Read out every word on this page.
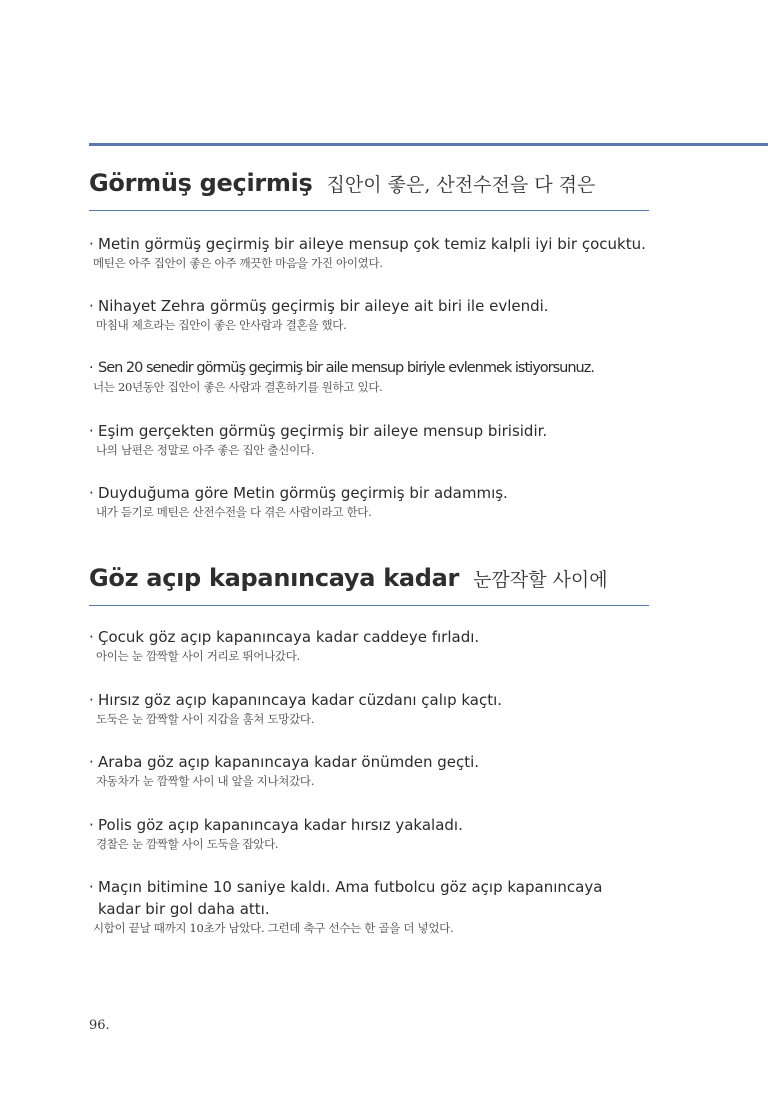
Görmüş geçirmiş 집안이 좋은, 산전수전을 다 겪은
· Metin görmüş geçirmiş bir aileye mensup çok temiz kalpli iyi bir çocuktu.
메틴은 아주 집안이 좋은 아주 깨끗한 마음을 가진 아이였다.
· Nihayet Zehra görmüş geçirmiş bir aileye ait biri ile evlendi.
마침내 제흐라는 집안이 좋은 안사람과 결혼을 했다.
· Sen 20 senedir görmüş geçirmiş bir aile mensup biriyle evlenmek istiyorsunuz.
너는 20년동안 집안이 좋은 사람과 결혼하기를 원하고 있다.
· Eşim gerçekten görmüş geçirmiş bir aileye mensup birisidir.
나의 남편은 정말로 아주 좋은 집안 출신이다.
· Duyduğuma göre Metin görmüş geçirmiş bir adammış.
내가 듣기로 메틴은 산전수전을 다 겪은 사람이라고 한다.
Göz açıp kapanıncaya kadar 눈깜작할 사이에
· Çocuk göz açıp kapanıncaya kadar caddeye fırladı.
아이는 눈 깜짝할 사이 거리로 뛰어나갔다.
· Hırsız göz açıp kapanıncaya kadar cüzdanı çalıp kaçtı.
도둑은 눈 깜짝할 사이 지갑을 훔쳐 도망갔다.
· Araba göz açıp kapanıncaya kadar önümden geçti.
자동차가 눈 깜짝할 사이 내 앞을 지나쳐갔다.
· Polis göz açıp kapanıncaya kadar hırsız yakaladı.
경찰은 눈 깜짝할 사이 도둑을 잡았다.
· Maçın bitimine 10 saniye kaldı. Ama futbolcu göz açıp kapanıncaya
kadar bir gol daha attı.
시합이 끝날 때까지 10초가 남았다. 그런데 축구 선수는 한 골을 더 넣었다.
96.
